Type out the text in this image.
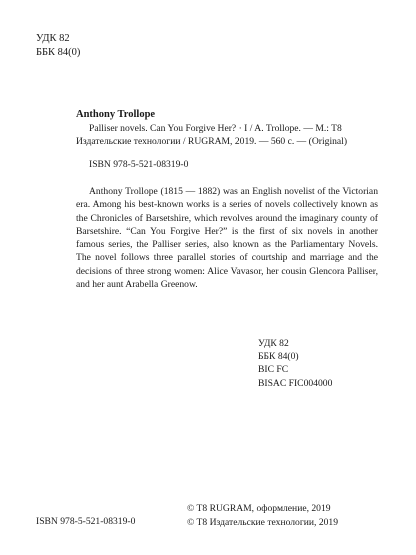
УДК 82
ББК 84(0)
Anthony Trollope
Palliser novels. Can You Forgive Her? · I / A. Trollope. — M.: T8
Издательские технологии / RUGRAM, 2019. — 560 с. — (Original)
ISBN 978-5-521-08319-0

Anthony Trollope (1815 — 1882) was an English novelist of the Victorian era. Among his best-known works is a series of novels collectively known as the Chronicles of Barsetshire, which revolves around the imaginary county of Barsetshire. “Can You Forgive Her?” is the first of six novels in another famous series, the Palliser series, also known as the Parliamentary Novels. The novel follows three parallel stories of courtship and marriage and the decisions of three strong women: Alice Vavasor, her cousin Glencora Palliser, and her aunt Arabella Greenow.

УДК 82
ББК 84(0)
BIC FC
BISAC FIC004000
ISBN 978-5-521-08319-0
© T8 RUGRAM, оформление, 2019
© T8 Издательские технологии, 2019
